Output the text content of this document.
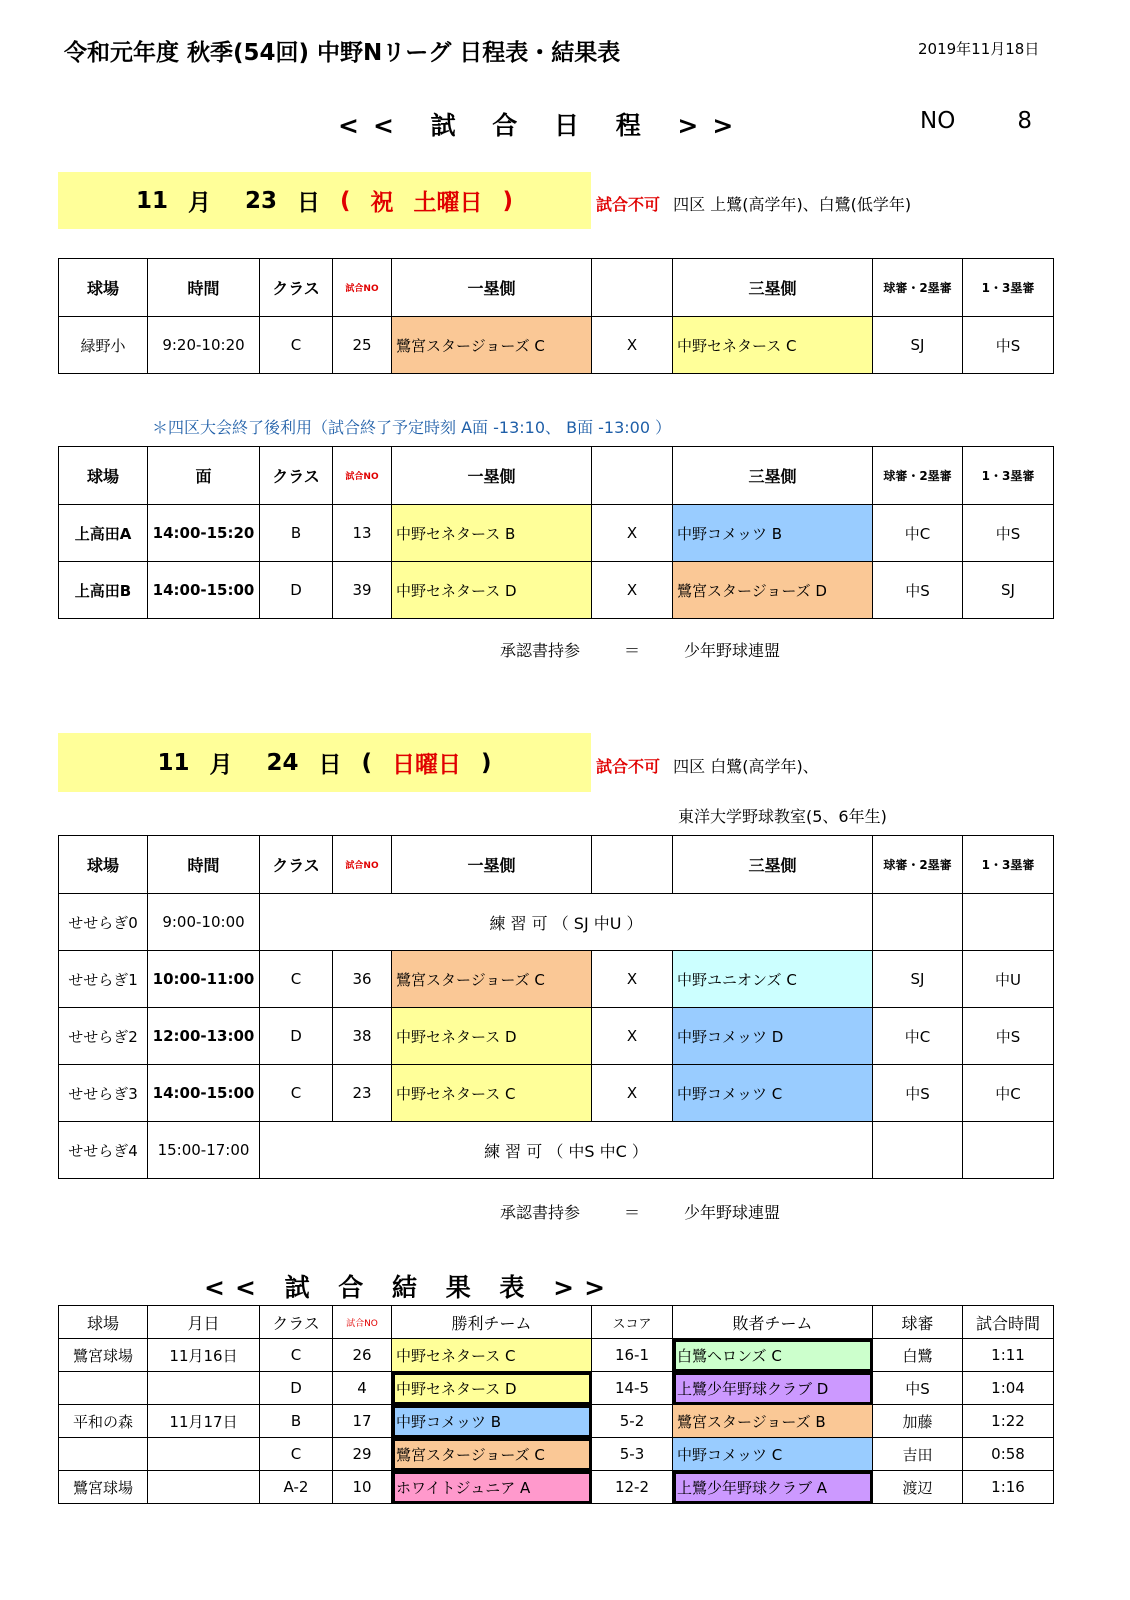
令和元年度 秋季(54回) 中野Nリーグ 日程表・結果表	2019年11月18日
<< 試 合 日 程 >>	NO	8
11 月 23 日 ( 祝 土曜日 )	試合不可 四区 上鷺(高学年)、白鷺(低学年)
球場	時間	クラス	試合NO	一塁側		三塁側	球審・2塁審	1・3塁審
緑野小	9:20-10:20	C	25	鷺宮スタージョーズ C	X	中野セネタース C	SJ	中S
＊四区大会終了後利用（試合終了予定時刻 A面 -13:10、 B面 -13:00 ）
球場	面	クラス	試合NO	一塁側		三塁側	球審・2塁審	1・3塁審
上高田A	14:00-15:20	B	13	中野セネタース B	X	中野コメッツ B	中C	中S
上高田B	14:00-15:00	D	39	中野セネタース D	X	鷺宮スタージョーズ D	中S	SJ
承認書持参	＝	少年野球連盟
11 月 24 日 ( 日曜日 )	試合不可 四区 白鷺(高学年)、
東洋大学野球教室(5、6年生)
球場	時間	クラス	試合NO	一塁側		三塁側	球審・2塁審	1・3塁審
せせらぎ0	9:00-10:00	練 習 可 （ SJ 中U ）						
せせらぎ1	10:00-11:00	C	36	鷺宮スタージョーズ C	X	中野ユニオンズ C	SJ	中U
せせらぎ2	12:00-13:00	D	38	中野セネタース D	X	中野コメッツ D	中C	中S
せせらぎ3	14:00-15:00	C	23	中野セネタース C	X	中野コメッツ C	中S	中C
せせらぎ4	15:00-17:00	練 習 可 （ 中S 中C ）						
承認書持参	＝	少年野球連盟
<< 試 合 結 果 表 >>
球場	月日	クラス	試合NO	勝利チーム	スコア	敗者チーム	球審	試合時間
鷺宮球場	11月16日	C	26	中野セネタース C	16-1	白鷺ヘロンズ C	白鷺	1:11
		D	4	中野セネタース D	14-5	上鷺少年野球クラブ D	中S	1:04
平和の森	11月17日	B	17	中野コメッツ B	5-2	鷺宮スタージョーズ B	加藤	1:22
		C	29	鷺宮スタージョーズ C	5-3	中野コメッツ C	吉田	0:58
鷺宮球場		A-2	10	ホワイトジュニア A	12-2	上鷺少年野球クラブ A	渡辺	1:16
